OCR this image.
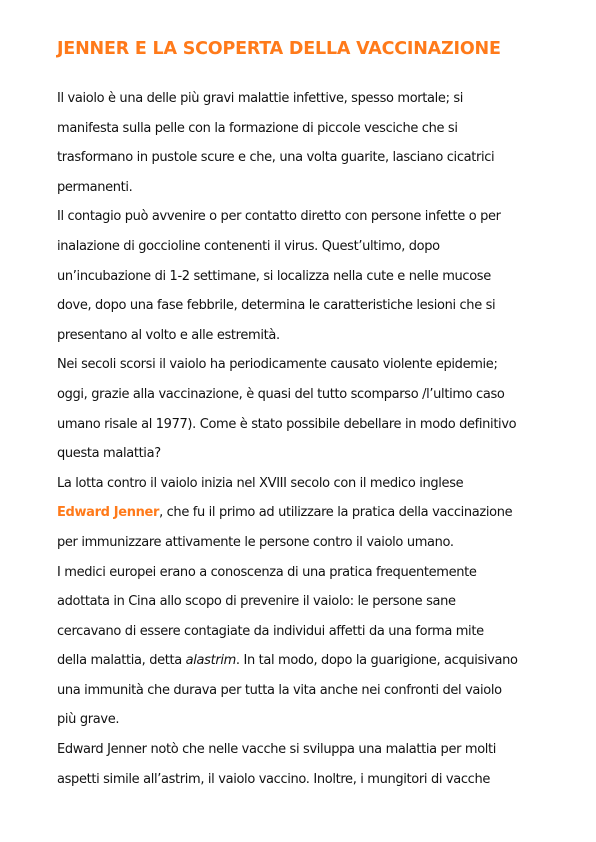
JENNER E LA SCOPERTA DELLA VACCINAZIONE

Il vaiolo è una delle più gravi malattie infettive, spesso mortale; si

manifesta sulla pelle con la formazione di piccole vesciche che si

trasformano in pustole scure e che, una volta guarite, lasciano cicatrici

permanenti.

Il contagio può avvenire o per contatto diretto con persone infette o per

inalazione di goccioline contenenti il virus. Quest’ultimo, dopo

un’incubazione di 1-2 settimane, si localizza nella cute e nelle mucose

dove, dopo una fase febbrile, determina le caratteristiche lesioni che si

presentano al volto e alle estremità.

Nei secoli scorsi il vaiolo ha periodicamente causato violente epidemie;

oggi, grazie alla vaccinazione, è quasi del tutto scomparso /l’ultimo caso

umano risale al 1977). Come è stato possibile debellare in modo definitivo

questa malattia?

La lotta contro il vaiolo inizia nel XVIII secolo con il medico inglese

Edward Jenner, che fu il primo ad utilizzare la pratica della vaccinazione

per immunizzare attivamente le persone contro il vaiolo umano.

I medici europei erano a conoscenza di una pratica frequentemente

adottata in Cina allo scopo di prevenire il vaiolo: le persone sane

cercavano di essere contagiate da individui affetti da una forma mite

della malattia, detta alastrim. In tal modo, dopo la guarigione, acquisivano

una immunità che durava per tutta la vita anche nei confronti del vaiolo

più grave.

Edward Jenner notò che nelle vacche si sviluppa una malattia per molti

aspetti simile all’astrim, il vaiolo vaccino. Inoltre, i mungitori di vacche
